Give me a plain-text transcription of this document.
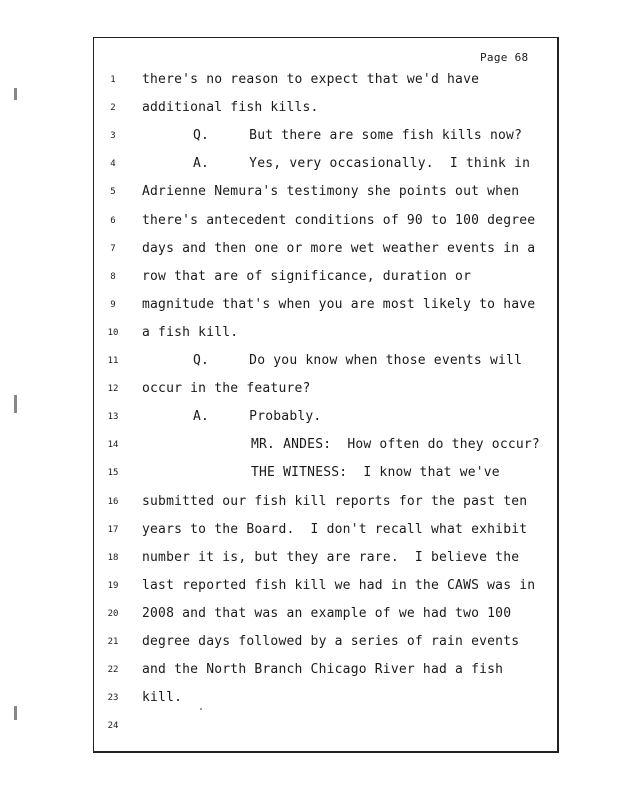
Page 68
1	there's no reason to expect that we'd have
2	additional fish kills.
3	Q.     But there are some fish kills now?
4	A.     Yes, very occasionally.  I think in
5	Adrienne Nemura's testimony she points out when
6	there's antecedent conditions of 90 to 100 degree
7	days and then one or more wet weather events in a
8	row that are of significance, duration or
9	magnitude that's when you are most likely to have
10 a fish kill.
11	Q.     Do you know when those events will
12 occur in the feature?
13	A.     Probably.
14	MR. ANDES:  How often do they occur?
15	THE WITNESS:  I know that we've
16 submitted our fish kill reports for the past ten
17 years to the Board.  I don't recall what exhibit
18 number it is, but they are rare.  I believe the
19 last reported fish kill we had in the CAWS was in
20 2008 and that was an example of we had two 100
21 degree days followed by a series of rain events
22 and the North Branch Chicago River had a fish
23 kill.
24
